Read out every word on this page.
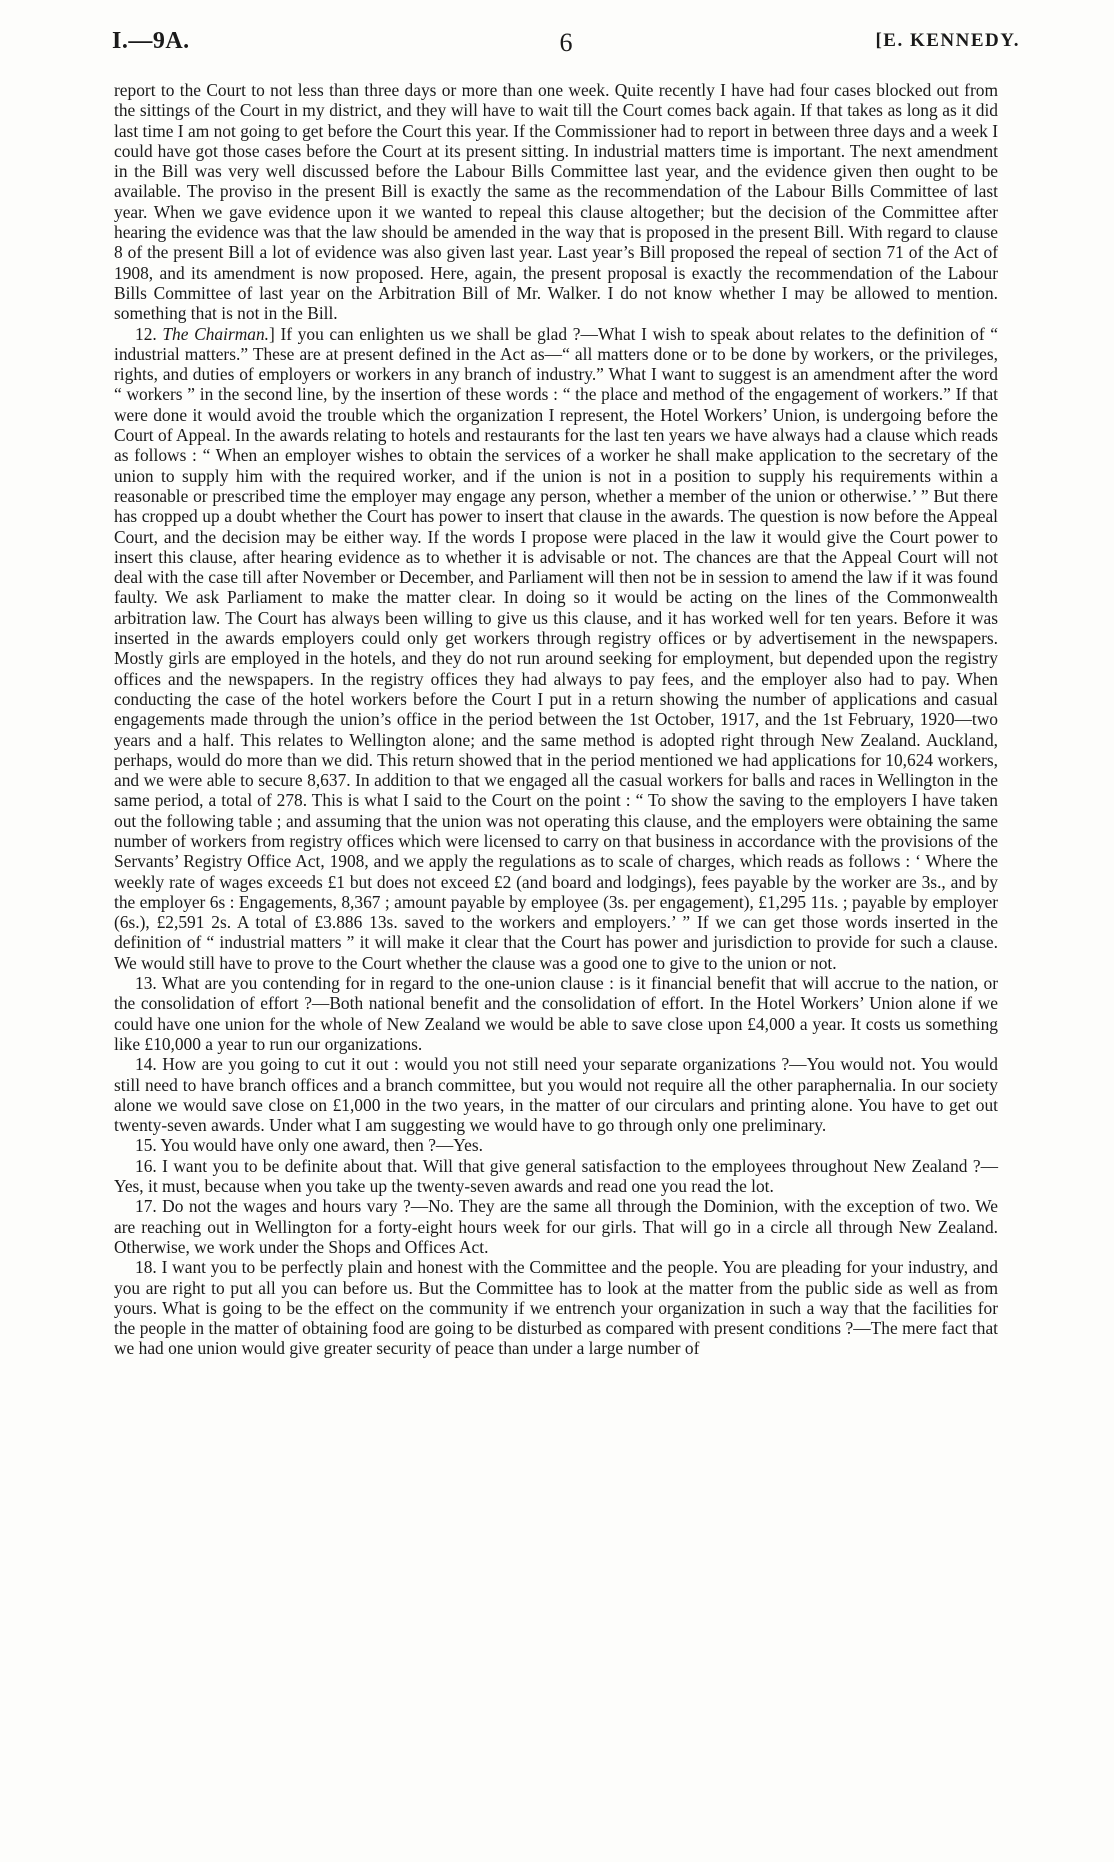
I.—9A.	6	[E. KENNEDY.

report to the Court to not less than three days or more than one week. Quite recently I have had four cases blocked out from the sittings of the Court in my district, and they will have to wait till the Court comes back again. If that takes as long as it did last time I am not going to get before the Court this year. If the Commissioner had to report in between three days and a week I could have got those cases before the Court at its present sitting. In industrial matters time is important. The next amendment in the Bill was very well discussed before the Labour Bills Committee last year, and the evidence given then ought to be available. The proviso in the present Bill is exactly the same as the recommendation of the Labour Bills Committee of last year. When we gave evidence upon it we wanted to repeal this clause altogether; but the decision of the Committee after hearing the evidence was that the law should be amended in the way that is proposed in the present Bill. With regard to clause 8 of the present Bill a lot of evidence was also given last year. Last year’s Bill proposed the repeal of section 71 of the Act of 1908, and its amendment is now proposed. Here, again, the present proposal is exactly the recommendation of the Labour Bills Committee of last year on the Arbitration Bill of Mr. Walker. I do not know whether I may be allowed to mention. something that is not in the Bill.

12. The Chairman.] If you can enlighten us we shall be glad ?—What I wish to speak about relates to the definition of “ industrial matters.” These are at present defined in the Act as—“ all matters done or to be done by workers, or the privileges, rights, and duties of employers or workers in any branch of industry.” What I want to suggest is an amendment after the word “ workers ” in the second line, by the insertion of these words : “ the place and method of the engagement of workers.” If that were done it would avoid the trouble which the organization I represent, the Hotel Workers’ Union, is undergoing before the Court of Appeal. In the awards relating to hotels and restaurants for the last ten years we have always had a clause which reads as follows : “ When an employer wishes to obtain the services of a worker he shall make application to the secretary of the union to supply him with the required worker, and if the union is not in a position to supply his requirements within a reasonable or prescribed time the employer may engage any person, whether a member of the union or otherwise.’ ” But there has cropped up a doubt whether the Court has power to insert that clause in the awards. The question is now before the Appeal Court, and the decision may be either way. If the words I propose were placed in the law it would give the Court power to insert this clause, after hearing evidence as to whether it is advisable or not. The chances are that the Appeal Court will not deal with the case till after November or December, and Parliament will then not be in session to amend the law if it was found faulty. We ask Parliament to make the matter clear. In doing so it would be acting on the lines of the Commonwealth arbitration law. The Court has always been willing to give us this clause, and it has worked well for ten years. Before it was inserted in the awards employers could only get workers through registry offices or by advertisement in the newspapers. Mostly girls are employed in the hotels, and they do not run around seeking for employment, but depended upon the registry offices and the newspapers. In the registry offices they had always to pay fees, and the employer also had to pay. When conducting the case of the hotel workers before the Court I put in a return showing the number of applications and casual engagements made through the union’s office in the period between the 1st October, 1917, and the 1st February, 1920—two years and a half. This relates to Wellington alone; and the same method is adopted right through New Zealand. Auckland, perhaps, would do more than we did. This return showed that in the period mentioned we had applications for 10,624 workers, and we were able to secure 8,637. In addition to that we engaged all the casual workers for balls and races in Wellington in the same period, a total of 278. This is what I said to the Court on the point : “ To show the saving to the employers I have taken out the following table ; and assuming that the union was not operating this clause, and the employers were obtaining the same number of workers from registry offices which were licensed to carry on that business in accordance with the provisions of the Servants’ Registry Office Act, 1908, and we apply the regulations as to scale of charges, which reads as follows : ‘ Where the weekly rate of wages exceeds £1 but does not exceed £2 (and board and lodgings), fees payable by the worker are 3s., and by the employer 6s : Engagements, 8,367 ; amount payable by employee (3s. per engagement), £1,295 11s. ; payable by employer (6s.), £2,591 2s. A total of £3.886 13s. saved to the workers and employers.’ ” If we can get those words inserted in the definition of “ industrial matters ” it will make it clear that the Court has power and jurisdiction to provide for such a clause. We would still have to prove to the Court whether the clause was a good one to give to the union or not.

13. What are you contending for in regard to the one-union clause : is it financial benefit that will accrue to the nation, or the consolidation of effort ?—Both national benefit and the consolidation of effort. In the Hotel Workers’ Union alone if we could have one union for the whole of New Zealand we would be able to save close upon £4,000 a year. It costs us something like £10,000 a year to run our organizations.

14. How are you going to cut it out : would you not still need your separate organizations ?—You would not. You would still need to have branch offices and a branch committee, but you would not require all the other paraphernalia. In our society alone we would save close on £1,000 in the two years, in the matter of our circulars and printing alone. You have to get out twenty-seven awards. Under what I am suggesting we would have to go through only one preliminary.

15. You would have only one award, then ?—Yes.

16. I want you to be definite about that. Will that give general satisfaction to the employees throughout New Zealand ?—Yes, it must, because when you take up the twenty-seven awards and read one you read the lot.

17. Do not the wages and hours vary ?—No. They are the same all through the Dominion, with the exception of two. We are reaching out in Wellington for a forty-eight hours week for our girls. That will go in a circle all through New Zealand. Otherwise, we work under the Shops and Offices Act.

18. I want you to be perfectly plain and honest with the Committee and the people. You are pleading for your industry, and you are right to put all you can before us. But the Committee has to look at the matter from the public side as well as from yours. What is going to be the effect on the community if we entrench your organization in such a way that the facilities for the people in the matter of obtaining food are going to be disturbed as compared with present conditions ?—The mere fact that we had one union would give greater security of peace than under a large number of
